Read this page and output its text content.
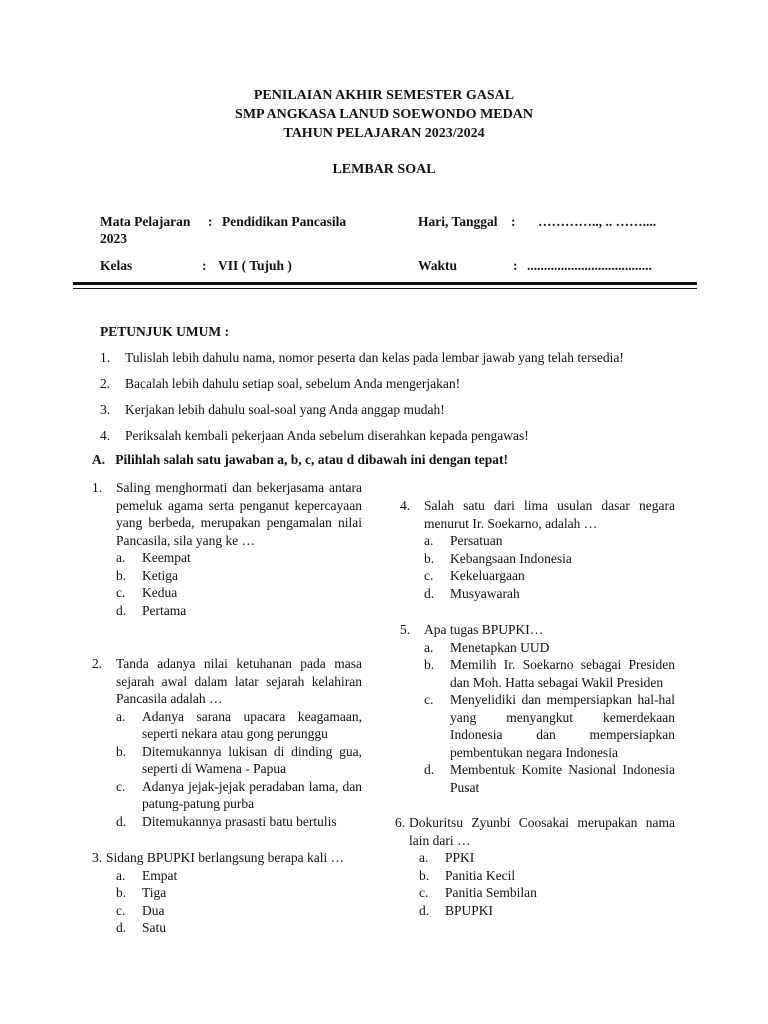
PENILAIAN AKHIR SEMESTER GASAL
SMP ANGKASA LANUD SOEWONDO MEDAN
TAHUN PELAJARAN 2023/2024
LEMBAR SOAL
Mata Pelajaran : Pendidikan Pancasila
2023
Hari, Tanggal : ………….., .. ……....
Kelas	: VII ( Tujuh )	Waktu	: .....................................
PETUNJUK UMUM :
1. Tulislah lebih dahulu nama, nomor peserta dan kelas pada lembar jawab yang telah tersedia!
2. Bacalah lebih dahulu setiap soal, sebelum Anda mengerjakan!
3. Kerjakan lebih dahulu soal-soal yang Anda anggap mudah!
4. Periksalah kembali pekerjaan Anda sebelum diserahkan kepada pengawas!
A.   Pilihlah salah satu jawaban a, b, c, atau d dibawah ini dengan tepat!
1. Saling menghormati dan bekerjasama antara pemeluk agama serta penganut kepercayaan yang berbeda, merupakan pengamalan nilai Pancasila, sila yang ke …
a. Keempat
b. Ketiga
c. Kedua
d. Pertama
2. Tanda adanya nilai ketuhanan pada masa sejarah awal dalam latar sejarah kelahiran Pancasila adalah …
a. Adanya sarana upacara keagamaan, seperti nekara atau gong perunggu
b. Ditemukannya lukisan di dinding gua, seperti di Wamena - Papua
c. Adanya jejak-jejak peradaban lama, dan patung-patung purba
d. Ditemukannya prasasti batu bertulis
3. Sidang BPUPKI berlangsung berapa kali …
a. Empat
b. Tiga
c. Dua
d. Satu
4. Salah satu dari lima usulan dasar negara menurut Ir. Soekarno, adalah …
a. Persatuan
b. Kebangsaan Indonesia
c. Kekeluargaan
d. Musyawarah
5. Apa tugas BPUPKI…
a. Menetapkan UUD
b. Memilih Ir. Soekarno sebagai Presiden dan Moh. Hatta sebagai Wakil Presiden
c. Menyelidiki dan mempersiapkan hal-hal yang menyangkut kemerdekaan Indonesia dan mempersiapkan pembentukan negara Indonesia
d. Membentuk Komite Nasional Indonesia Pusat
6. Dokuritsu Zyunbi Coosakai merupakan nama lain dari …
a. PPKI
b. Panitia Kecil
c. Panitia Sembilan
d. BPUPKI
